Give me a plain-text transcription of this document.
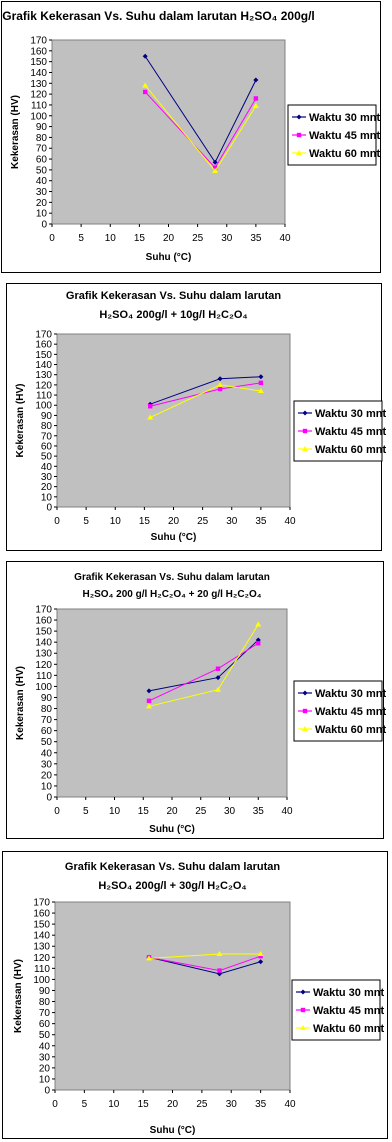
Grafik Kekerasan Vs. Suhu dalam larutan H₂SO₄ 200g/l
0
10
20
30
40
50
60
70
80
90
100
110
120
130
140
150
160
170
0 5 10 15 20 25 30 35 40
Suhu (°C)
Kekerasan (HV)	Waktu 30 mnt
Waktu 45 mnt
Waktu 60 mnt
Grafik Kekerasan Vs. Suhu dalam larutan
H₂SO₄ 200g/l + 10g/l H₂C₂O₄
0
10
20
30
40
50
60
70
80
90
100
110
120
130
140
150
160
170
0 5 10 15 20 25 30 35 40
Suhu (°C)
Kekerasan (HV)	Waktu 30 mnt
Waktu 45 mnt
Waktu 60 mnt
Grafik Kekerasan Vs. Suhu dalam larutan
H₂SO₄ 200 g/l H₂C₂O₄ + 20 g/l H₂C₂O₄
0
10
20
30
40
50
60
70
80
90
100
110
120
130
140
150
160
170
0 5 10 15 20 25 30 35 40
Suhu (°C)
Kekerasan (HV)	Waktu 30 mnt
Waktu 45 mnt
Waktu 60 mnt
Grafik Kekerasan Vs. Suhu dalam larutan
H₂SO₄ 200g/l + 30g/l H₂C₂O₄
0
10
20
30
40
50
60
70
80
90
100
110
120
130
140
150
160
170
0 5 10 15 20 25 30 35 40
Suhu (°C)
Kekerasan (HV)	Waktu 30 mnt
Waktu 45 mnt
Waktu 60 mnt
